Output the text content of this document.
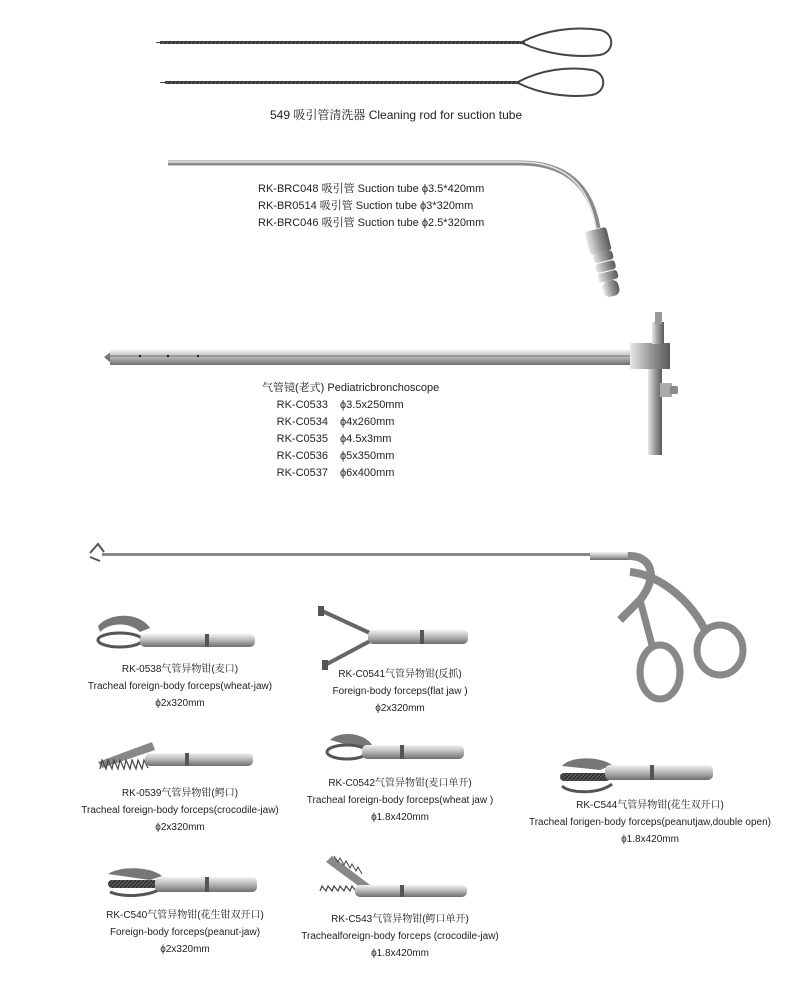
549 吸引管清洗器 Cleaning rod for suction tube
RK-BRC048 吸引管 Suction tube ϕ3.5*420mm
RK-BR0514 吸引管 Suction tube ϕ3*320mm
RK-BRC046 吸引管 Suction tube ϕ2.5*320mm
气管镜(老式) Pediatricbronchoscope
RK-C0533 ϕ3.5x250mm
RK-C0534 ϕ4x260mm
RK-C0535 ϕ4.5x3mm
RK-C0536 ϕ5x350mm
RK-C0537 ϕ6x400mm
RK-0538气管异物钳(麦口)
Tracheal foreign-body forceps(wheat-jaw)
ϕ2x320mm
RK-C0541气管异物钳(反抓)
Foreign-body forceps(flat jaw )
ϕ2x320mm
RK-0539气管异物钳(鳄口)
Tracheal foreign-body forceps(crocodile-jaw)
ϕ2x320mm
RK-C0542气管异物钳(麦口单开)
Tracheal foreign-body forceps(wheat jaw )
ϕ1.8x420mm
RK-C544气管异物钳(花生双开口)
Tracheal forigen-body forceps(peanutjaw,double open)
ϕ1.8x420mm
RK-C540气管异物钳(花生钳双开口)
Foreign-body forceps(peanut-jaw)
ϕ2x320mm
RK-C543气管异物钳(鳄口单开)
Trachealforeign-body forceps (crocodile-jaw)
ϕ1.8x420mm
